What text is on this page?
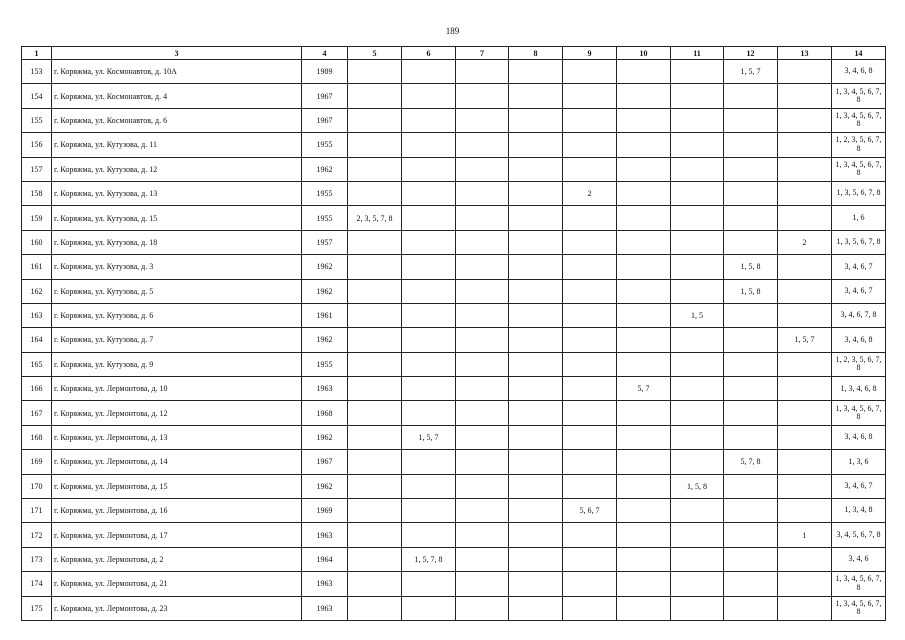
189
1	3	4	5	6	7	8	9	10	11	12	13	14
153	г. Коряжма, ул. Космонавтов, д. 10А	1989								1, 5, 7		3, 4, 6, 8
154	г. Коряжма, ул. Космонавтов, д. 4	1967										1, 3, 4, 5, 6, 7, 8
155	г. Коряжма, ул. Космонавтов, д. 6	1967										1, 3, 4, 5, 6, 7, 8
156	г. Коряжма, ул. Кутузова, д. 11	1955										1, 2, 3, 5, 6, 7, 8
157	г. Коряжма, ул. Кутузова, д. 12	1962										1, 3, 4, 5, 6, 7, 8
158	г. Коряжма, ул. Кутузова, д. 13	1955					2					1, 3, 5, 6, 7, 8
159	г. Коряжма, ул. Кутузова, д. 15	1955	2, 3, 5, 7, 8									1, 6
160	г. Коряжма, ул. Кутузова, д. 18	1957									2	1, 3, 5, 6, 7, 8
161	г. Коряжма, ул. Кутузова, д. 3	1962								1, 5, 8		3, 4, 6, 7
162	г. Коряжма, ул. Кутузова, д. 5	1962								1, 5, 8		3, 4, 6, 7
163	г. Коряжма, ул. Кутузова, д. 6	1961							1, 5			3, 4, 6, 7, 8
164	г. Коряжма, ул. Кутузова, д. 7	1962									1, 5, 7	3, 4, 6, 8
165	г. Коряжма, ул. Кутузова, д. 9	1955										1, 2, 3, 5, 6, 7, 8
166	г. Коряжма, ул. Лермонтова, д. 10	1963						5, 7				1, 3, 4, 6, 8
167	г. Коряжма, ул. Лермонтова, д. 12	1968										1, 3, 4, 5, 6, 7, 8
168	г. Коряжма, ул. Лермонтова, д. 13	1962		1, 5, 7								3, 4, 6, 8
169	г. Коряжма, ул. Лермонтова, д. 14	1967								5, 7, 8		1, 3, 6
170	г. Коряжма, ул. Лермонтова, д. 15	1962							1, 5, 8			3, 4, 6, 7
171	г. Коряжма, ул. Лермонтова, д. 16	1969					5, 6, 7					1, 3, 4, 8
172	г. Коряжма, ул. Лермонтова, д. 17	1963									1	3, 4, 5, 6, 7, 8
173	г. Коряжма, ул. Лермонтова, д. 2	1964		1, 5, 7, 8								3, 4, 6
174	г. Коряжма, ул. Лермонтова, д. 21	1963										1, 3, 4, 5, 6, 7, 8
175	г. Коряжма, ул. Лермонтова, д. 23	1963										1, 3, 4, 5, 6, 7, 8
